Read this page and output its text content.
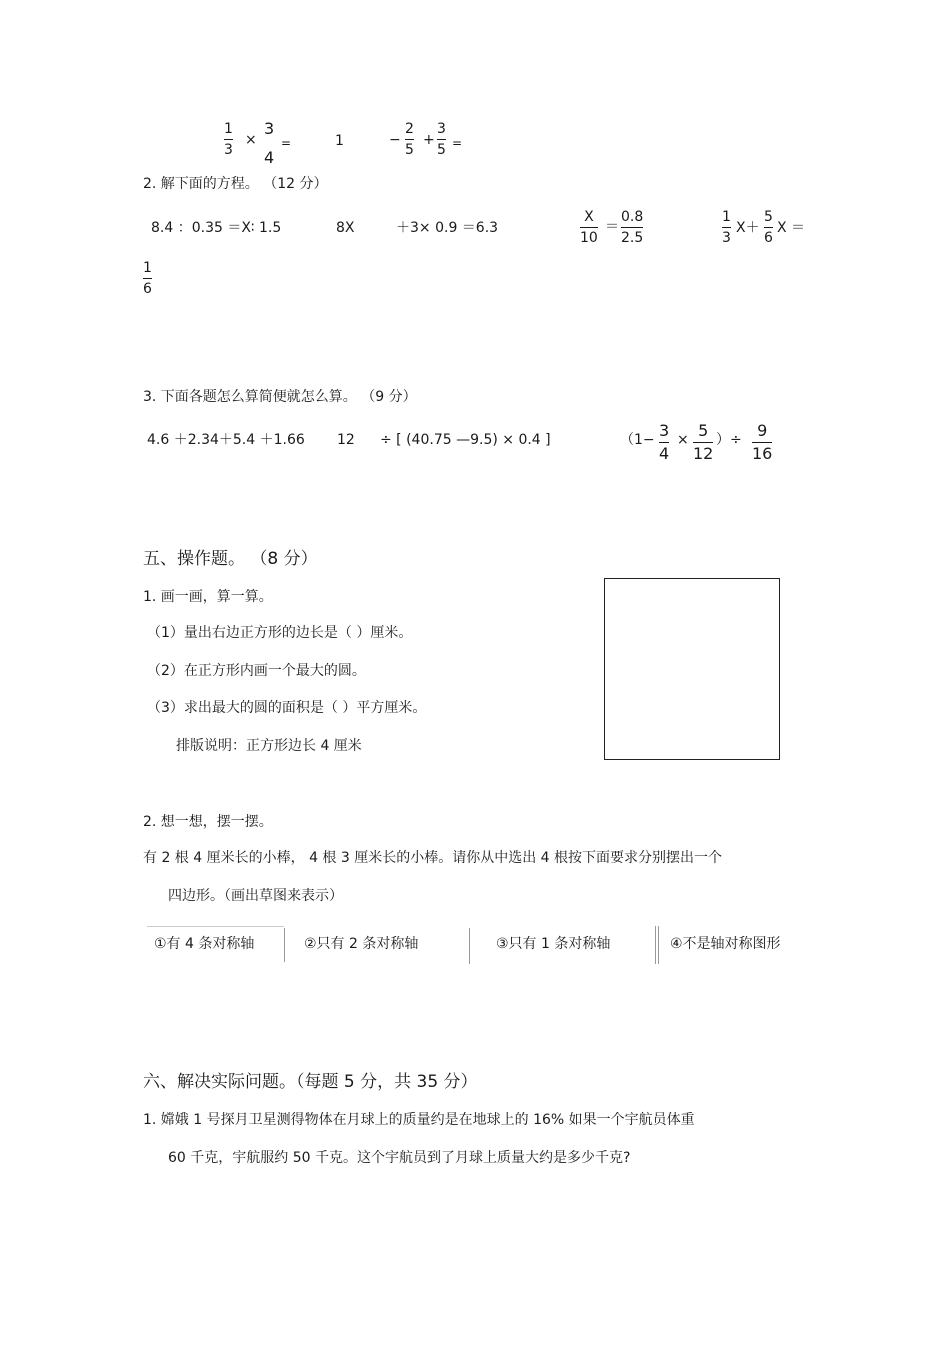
1
3
×
3
4
=	1	−
2
5
+
3
5 =
2. 解下面的方程。 （12 分）
8.4 ：0.35 ＝X∶ 1.5	8X	＋3× 0.9 ＝6.3
X
10
＝
0.8
2.5
1
3
X＋
5
6
X ＝
1
6
3. 下面各题怎么算简便就怎么算。 （9 分）
4.6 ＋2.34＋5.4 ＋1.66 12 ÷ [ (40.75 —9.5) × 0.4 ]	（1− 3
4
× 5
12
）÷ 9
16
五、操作题。 （8 分）
1. 画一画，算一算。
（1）量出右边正方形的边长是（ ）厘米。
（2）在正方形内画一个最大的圆。
（3）求出最大的圆的面积是（ ）平方厘米。
排版说明：正方形边长 4 厘米
2. 想一想，摆一摆。
有 2 根 4 厘米长的小棒， 4 根 3 厘米长的小棒。请你从中选出 4 根按下面要求分别摆出一个
四边形。（画出草图来表示）
①有 4 条对称轴	②只有 2 条对称轴	③只有 1 条对称轴	④不是轴对称图形
六、解决实际问题。（每题 5 分，共 35 分）
1. 嫦娥 1 号探月卫星测得物体在月球上的质量约是在地球上的 16% 如果一个宇航员体重
60 千克，宇航服约 50 千克。这个宇航员到了月球上质量大约是多少千克?
